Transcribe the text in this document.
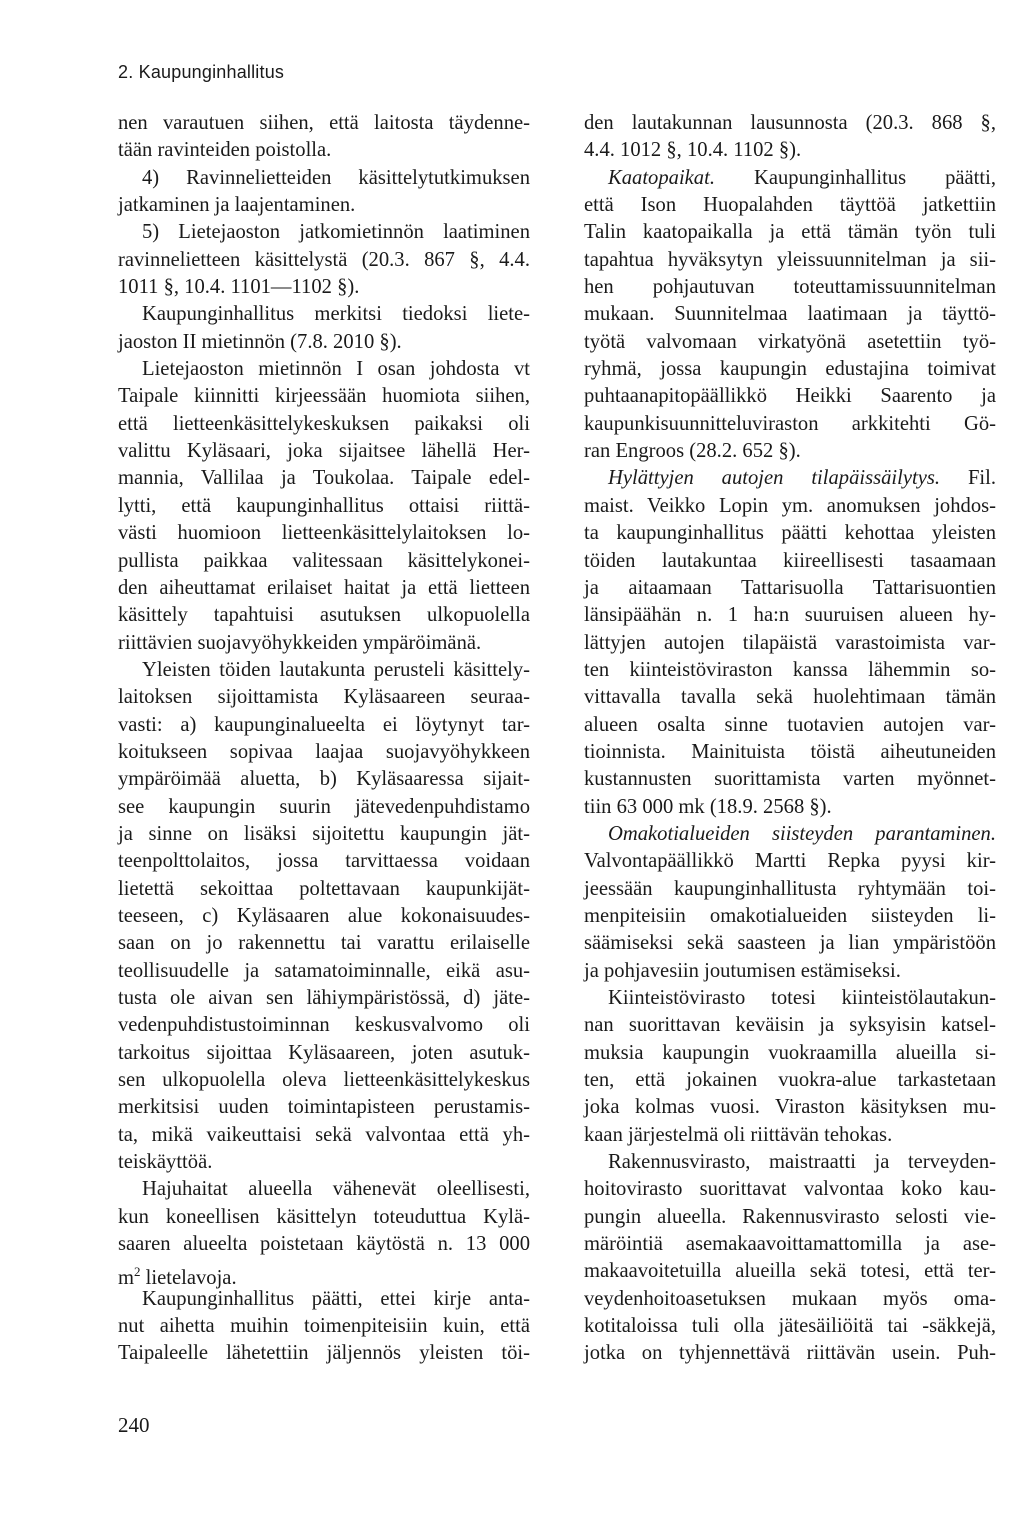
2. Kaupunginhallitus
nen varautuen siihen, että laitosta täydenne-
tään ravinteiden poistolla.
4) Ravinnelietteiden käsittelytutkimuksen
jatkaminen ja laajentaminen.
5) Lietejaoston jatkomietinnön laatiminen
ravinnelietteen käsittelystä (20.3. 867 §, 4.4.
1011 §, 10.4. 1101—1102 §).
Kaupunginhallitus merkitsi tiedoksi liete-
jaoston II mietinnön (7.8. 2010 §).
Lietejaoston mietinnön I osan johdosta vt
Taipale kiinnitti kirjeessään huomiota siihen,
että lietteenkäsittelykeskuksen paikaksi oli
valittu Kyläsaari, joka sijaitsee lähellä Her-
mannia, Vallilaa ja Toukolaa. Taipale edel-
lytti, että kaupunginhallitus ottaisi riittä-
västi huomioon lietteenkäsittelylaitoksen lo-
pullista paikkaa valitessaan käsittelykonei-
den aiheuttamat erilaiset haitat ja että lietteen
käsittely tapahtuisi asutuksen ulkopuolella
riittävien suojavyöhykkeiden ympäröimänä.
Yleisten töiden lautakunta perusteli käsittely-
laitoksen sijoittamista Kyläsaareen seuraa-
vasti: a) kaupunginalueelta ei löytynyt tar-
koitukseen sopivaa laajaa suojavyöhykkeen
ympäröimää aluetta, b) Kyläsaaressa sijait-
see kaupungin suurin jätevedenpuhdistamo
ja sinne on lisäksi sijoitettu kaupungin jät-
teenpolttolaitos, jossa tarvittaessa voidaan
lietettä sekoittaa poltettavaan kaupunkijät-
teeseen, c) Kyläsaaren alue kokonaisuudes-
saan on jo rakennettu tai varattu erilaiselle
teollisuudelle ja satamatoiminnalle, eikä asu-
tusta ole aivan sen lähiympäristössä, d) jäte-
vedenpuhdistustoiminnan keskusvalvomo oli
tarkoitus sijoittaa Kyläsaareen, joten asutuk-
sen ulkopuolella oleva lietteenkäsittelykeskus
merkitsisi uuden toimintapisteen perustamis-
ta, mikä vaikeuttaisi sekä valvontaa että yh-
teiskäyttöä.
Hajuhaitat alueella vähenevät oleellisesti,
kun koneellisen käsittelyn toteuduttua Kylä-
saaren alueelta poistetaan käytöstä n. 13 000
$m^2$ lietelavoja.
Kaupunginhallitus päätti, ettei kirje anta-
nut aihetta muihin toimenpiteisiin kuin, että
Taipaleelle lähetettiin jäljennös yleisten töi-
den lautakunnan lausunnosta (20.3. 868 §,
4.4. 1012 §, 10.4. 1102 §).
Kaatopaikat. Kaupunginhallitus päätti,
että Ison Huopalahden täyttöä jatkettiin
Talin kaatopaikalla ja että tämän työn tuli
tapahtua hyväksytyn yleissuunnitelman ja sii-
hen pohjautuvan toteuttamissuunnitelman
mukaan. Suunnitelmaa laatimaan ja täyttö-
työtä valvomaan virkatyönä asetettiin työ-
ryhmä, jossa kaupungin edustajina toimivat
puhtaanapitopäällikkö Heikki Saarento ja
kaupunkisuunnitteluviraston arkkitehti Gö-
ran Engroos (28.2. 652 §).
Hylättyjen autojen tilapäissäilytys. Fil.
maist. Veikko Lopin ym. anomuksen johdos-
ta kaupunginhallitus päätti kehottaa yleisten
töiden lautakuntaa kiireellisesti tasaamaan
ja aitaamaan Tattarisuolla Tattarisuontien
länsipäähän n. 1 ha:n suuruisen alueen hy-
lättyjen autojen tilapäistä varastoimista var-
ten kiinteistöviraston kanssa lähemmin so-
vittavalla tavalla sekä huolehtimaan tämän
alueen osalta sinne tuotavien autojen var-
tioinnista. Mainituista töistä aiheutuneiden
kustannusten suorittamista varten myönnet-
tiin 63 000 mk (18.9. 2568 §).
Omakotialueiden siisteyden parantaminen.
Valvontapäällikkö Martti Repka pyysi kir-
jeessään kaupunginhallitusta ryhtymään toi-
menpiteisiin omakotialueiden siisteyden li-
säämiseksi sekä saasteen ja lian ympäristöön
ja pohjavesiin joutumisen estämiseksi.
Kiinteistövirasto totesi kiinteistölautakun-
nan suorittavan keväisin ja syksyisin katsel-
muksia kaupungin vuokraamilla alueilla si-
ten, että jokainen vuokra-alue tarkastetaan
joka kolmas vuosi. Viraston käsityksen mu-
kaan järjestelmä oli riittävän tehokas.
Rakennusvirasto, maistraatti ja terveyden-
hoitovirasto suorittavat valvontaa koko kau-
pungin alueella. Rakennusvirasto selosti vie-
märöintiä asemakaavoittamattomilla ja ase-
makaavoitetuilla alueilla sekä totesi, että ter-
veydenhoitoasetuksen mukaan myös oma-
kotitaloissa tuli olla jätesäiliöitä tai -säkkejä,
jotka on tyhjennettävä riittävän usein. Puh-
240
